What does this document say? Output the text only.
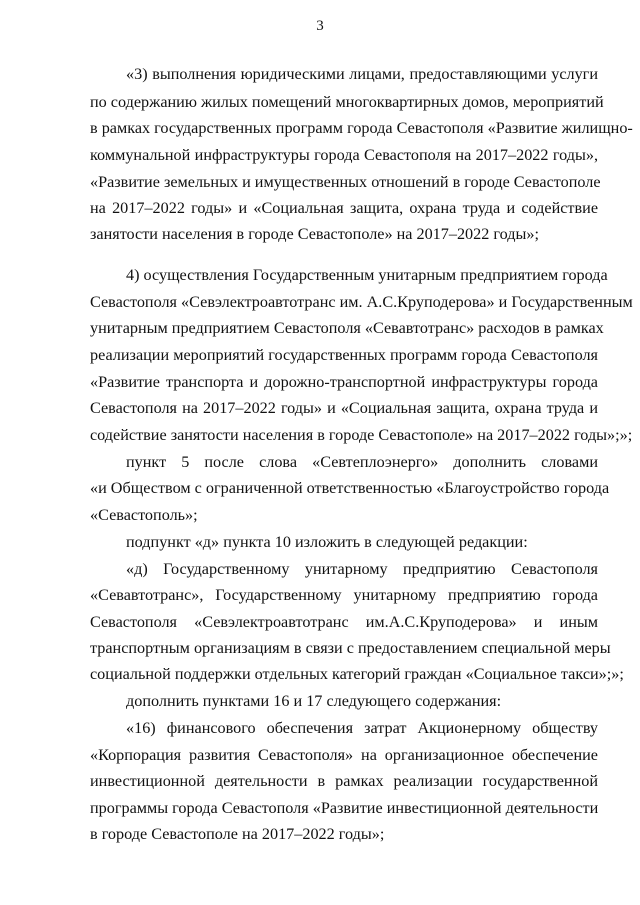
3
«3) выполнения юридическими лицами, предоставляющими услуги
по содержанию жилых помещений многоквартирных домов, мероприятий
в рамках государственных программ города Севастополя «Развитие жилищно-
коммунальной инфраструктуры города Севастополя на 2017–2022 годы»,
«Развитие земельных и имущественных отношений в городе Севастополе
на 2017–2022 годы» и «Социальная защита, охрана труда и содействие
занятости населения в городе Севастополе» на 2017–2022 годы»;
4) осуществления Государственным унитарным предприятием города
Севастополя «Севэлектроавтотранс им. А.С.Круподерова» и Государственным
унитарным предприятием Севастополя «Севавтотранс» расходов в рамках
реализации мероприятий государственных программ города Севастополя
«Развитие транспорта и дорожно-транспортной инфраструктуры города
Севастополя на 2017–2022 годы» и «Социальная защита, охрана труда и
содействие занятости населения в городе Севастополе» на 2017–2022 годы»;»;
пункт 5 после слова «Севтеплоэнерго» дополнить словами
«и Обществом с ограниченной ответственностью «Благоустройство города
«Севастополь»;
подпункт «д» пункта 10 изложить в следующей редакции:
«д) Государственному унитарному предприятию Севастополя
«Севавтотранс», Государственному унитарному предприятию города
Севастополя «Севэлектроавтотранс им.А.С.Круподерова» и иным
транспортным организациям в связи с предоставлением специальной меры
социальной поддержки отдельных категорий граждан «Социальное такси»;»;
дополнить пунктами 16 и 17 следующего содержания:
«16) финансового обеспечения затрат Акционерному обществу
«Корпорация развития Севастополя» на организационное обеспечение
инвестиционной деятельности в рамках реализации государственной
программы города Севастополя «Развитие инвестиционной деятельности
в городе Севастополе на 2017–2022 годы»;
